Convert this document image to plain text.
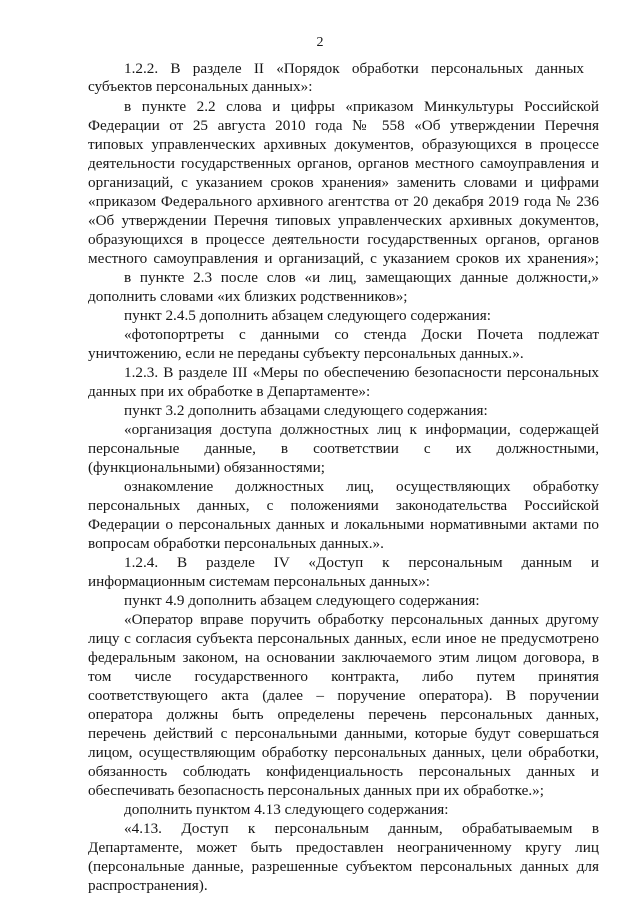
2
1.2.2. В разделе II «Порядок обработки персональных данных
субъектов персональных данных»:
в пункте 2.2 слова и цифры «приказом Минкультуры Российской
Федерации от 25 августа 2010 года № 558 «Об утверждении Перечня
типовых управленческих архивных документов, образующихся в процессе
деятельности государственных органов, органов местного самоуправления и
организаций, с указанием сроков хранения» заменить словами и цифрами
«приказом Федерального архивного агентства от 20 декабря 2019 года № 236
«Об утверждении Перечня типовых управленческих архивных документов,
образующихся в процессе деятельности государственных органов, органов
местного самоуправления и организаций, с указанием сроков их хранения»;
в пункте 2.3 после слов «и лиц, замещающих данные должности,»
дополнить словами «их близких родственников»;
пункт 2.4.5 дополнить абзацем следующего содержания:
«фотопортреты с данными со стенда Доски Почета подлежат
уничтожению, если не переданы субъекту персональных данных.».
1.2.3. В разделе III «Меры по обеспечению безопасности персональных
данных при их обработке в Департаменте»:
пункт 3.2 дополнить абзацами следующего содержания:
«организация доступа должностных лиц к информации, содержащей
персональные данные, в соответствии с их должностными,
(функциональными) обязанностями;
ознакомление должностных лиц, осуществляющих обработку
персональных данных, с положениями законодательства Российской
Федерации о персональных данных и локальными нормативными актами по
вопросам обработки персональных данных.».
1.2.4. В разделе IV «Доступ к персональным данным и
информационным системам персональных данных»:
пункт 4.9 дополнить абзацем следующего содержания:
«Оператор вправе поручить обработку персональных данных другому
лицу с согласия субъекта персональных данных, если иное не предусмотрено
федеральным законом, на основании заключаемого этим лицом договора, в
том числе государственного контракта, либо путем принятия
соответствующего акта (далее – поручение оператора). В поручении
оператора должны быть определены перечень персональных данных,
перечень действий с персональными данными, которые будут совершаться
лицом, осуществляющим обработку персональных данных, цели обработки,
обязанность соблюдать конфиденциальность персональных данных и
обеспечивать безопасность персональных данных при их обработке.»;
дополнить пунктом 4.13 следующего содержания:
«4.13. Доступ к персональным данным, обрабатываемым в
Департаменте, может быть предоставлен неограниченному кругу лиц
(персональные данные, разрешенные субъектом персональных данных для
распространения).
